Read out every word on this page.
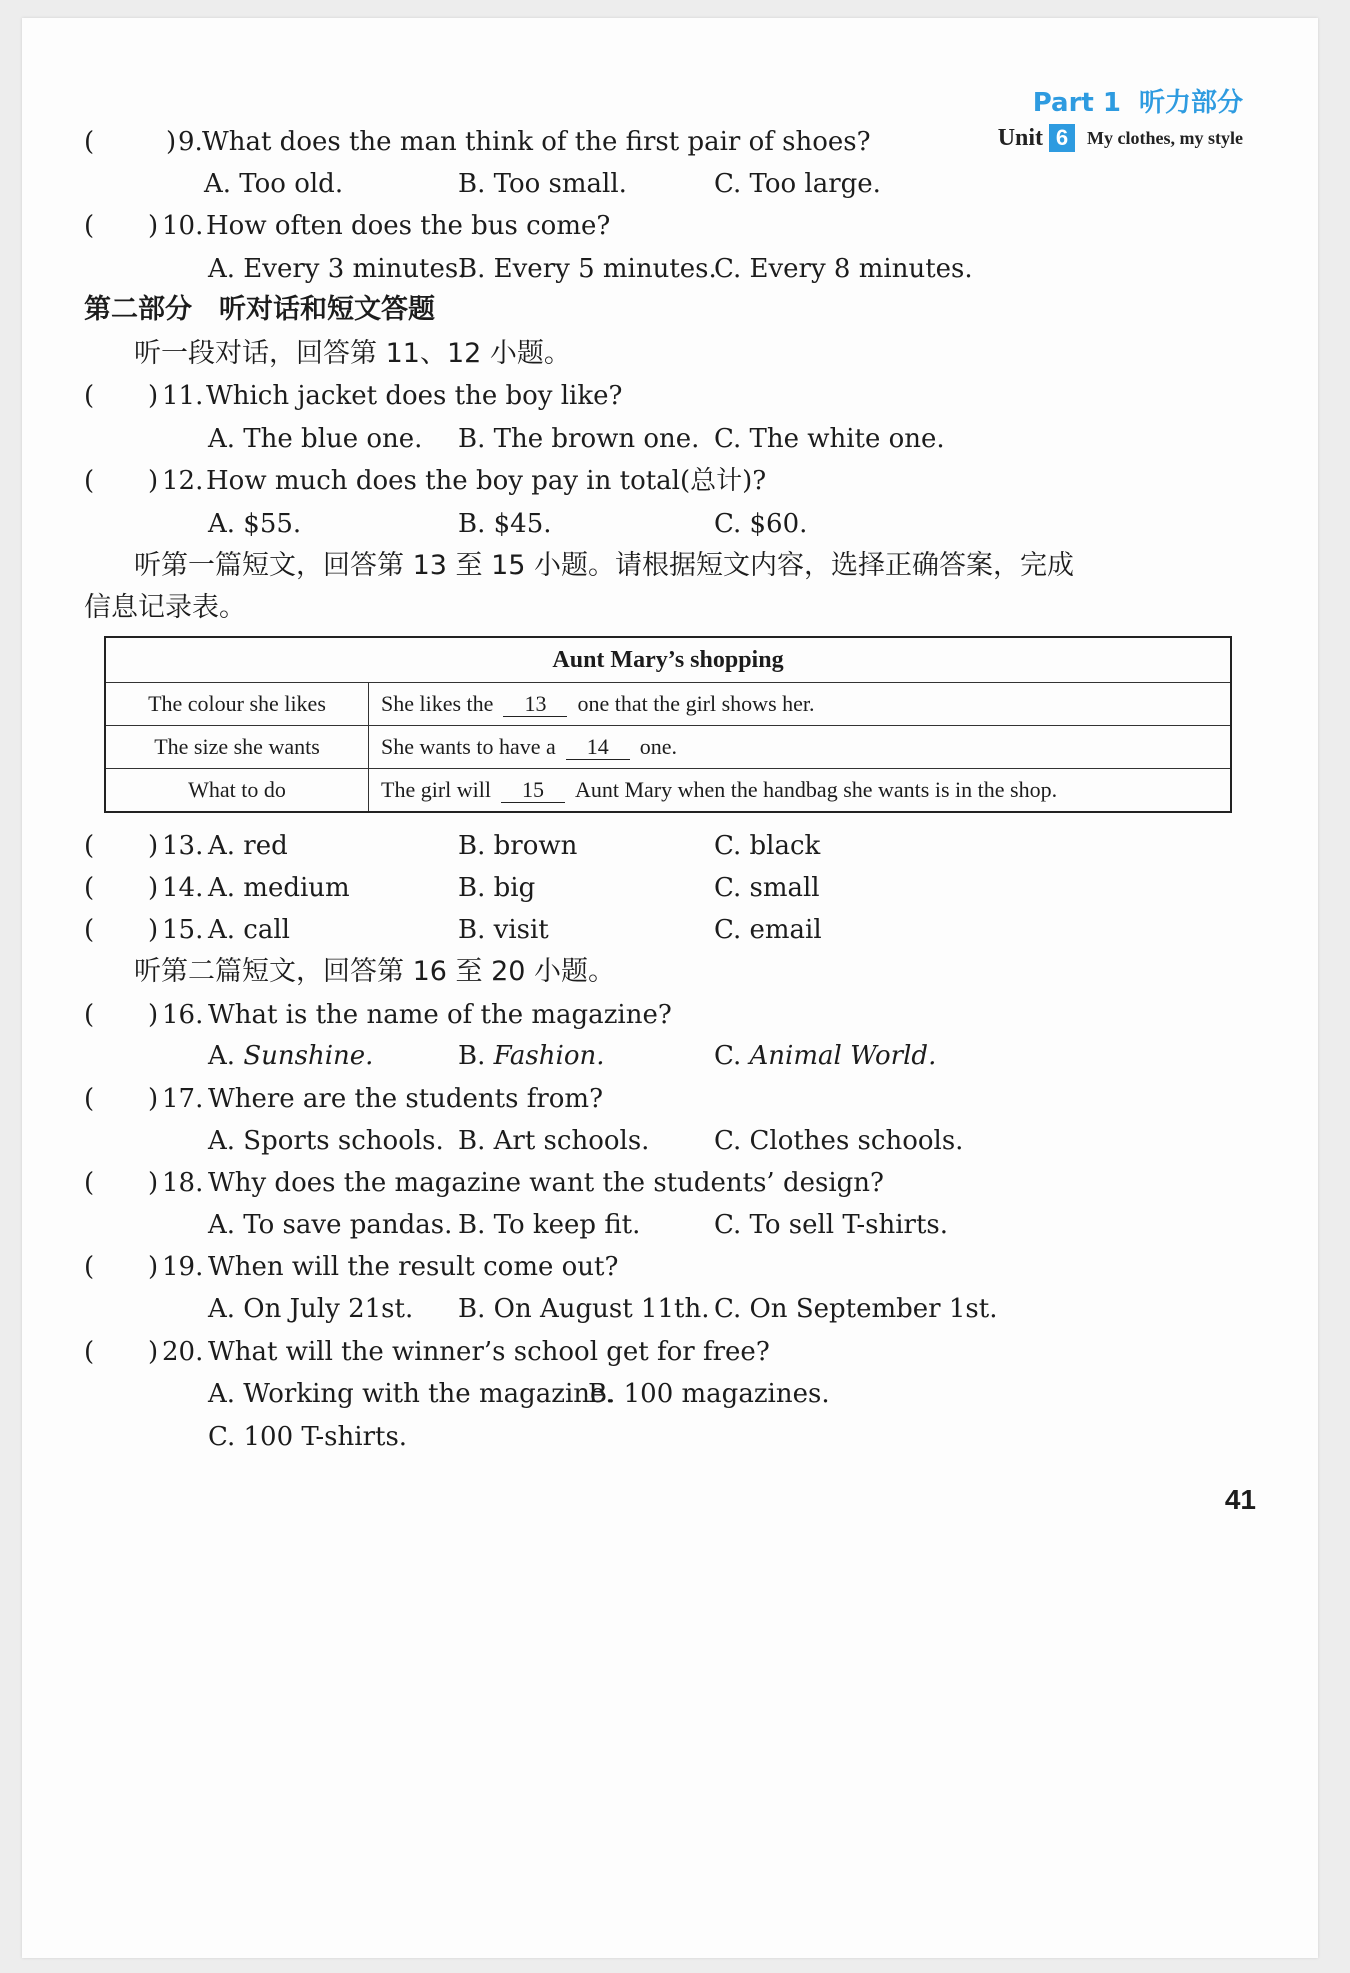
Part 1 听力部分
Unit 6	My clothes, my style
(	) 9. What does the man think of the first pair of shoes?
A. Too old.	B. Too small.	C. Too large.
( ) 10. How often does the bus come?
A. Every 3 minutes.
B. Every 5 minutes.
C. Every 8 minutes.
第二部分　听对话和短文答题
听一段对话，回答第 11、12 小题。
( ) 11. Which jacket does the boy like?
A. The blue one. B. The brown one. C. The white one.
( ) 12. How much does the boy pay in total(总计)?
A. $55.	B. $45.	C. $60.
听第一篇短文，回答第 13 至 15 小题。请根据短文内容，选择正确答案，完成
信息记录表。
Aunt Mary’s shopping	
The colour she likes	She likes the 13 one that the girl shows her.
The size she wants	She wants to have a 14 one.
What to do	The girl will 15 Aunt Mary when the handbag she wants is in the shop.
( ) 13. A. red	B. brown	C. black
( ) 14. A. medium	B. big	C. small
( ) 15. A. call	B. visit	C. email
听第二篇短文，回答第 16 至 20 小题。
( ) 16. What is the name of the magazine?
A. Sunshine.	B. Fashion.	C. Animal World.
( ) 17. Where are the students from?
A. Sports schools. B. Art schools. C. Clothes schools.
( ) 18. Why does the magazine want the students’ design?
A. To save pandas. B. To keep fit.	C. To sell T-shirts.
( ) 19. When will the result come out?
A. On July 21st. B. On August 11th. C. On September 1st.
( ) 20. What will the winner’s school get for free?
A. Working with the magazine.
B. 100 magazines.
C. 100 T-shirts.
41
